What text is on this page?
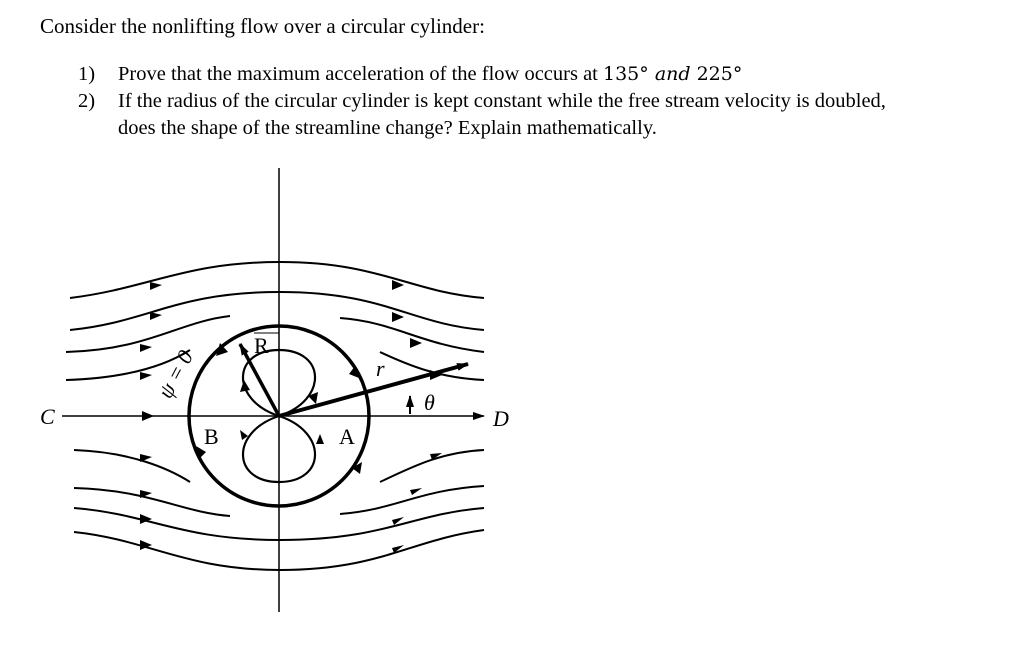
Consider the nonlifting flow over a circular cylinder:

1) Prove that the maximum acceleration of the flow occurs at 135° and 225°
2) If the radius of the circular cylinder is kept constant while the free stream velocity is doubled,
does the shape of the streamline change? Explain mathematically.
R
r
θ
C	D
B	A
ψ = 0
